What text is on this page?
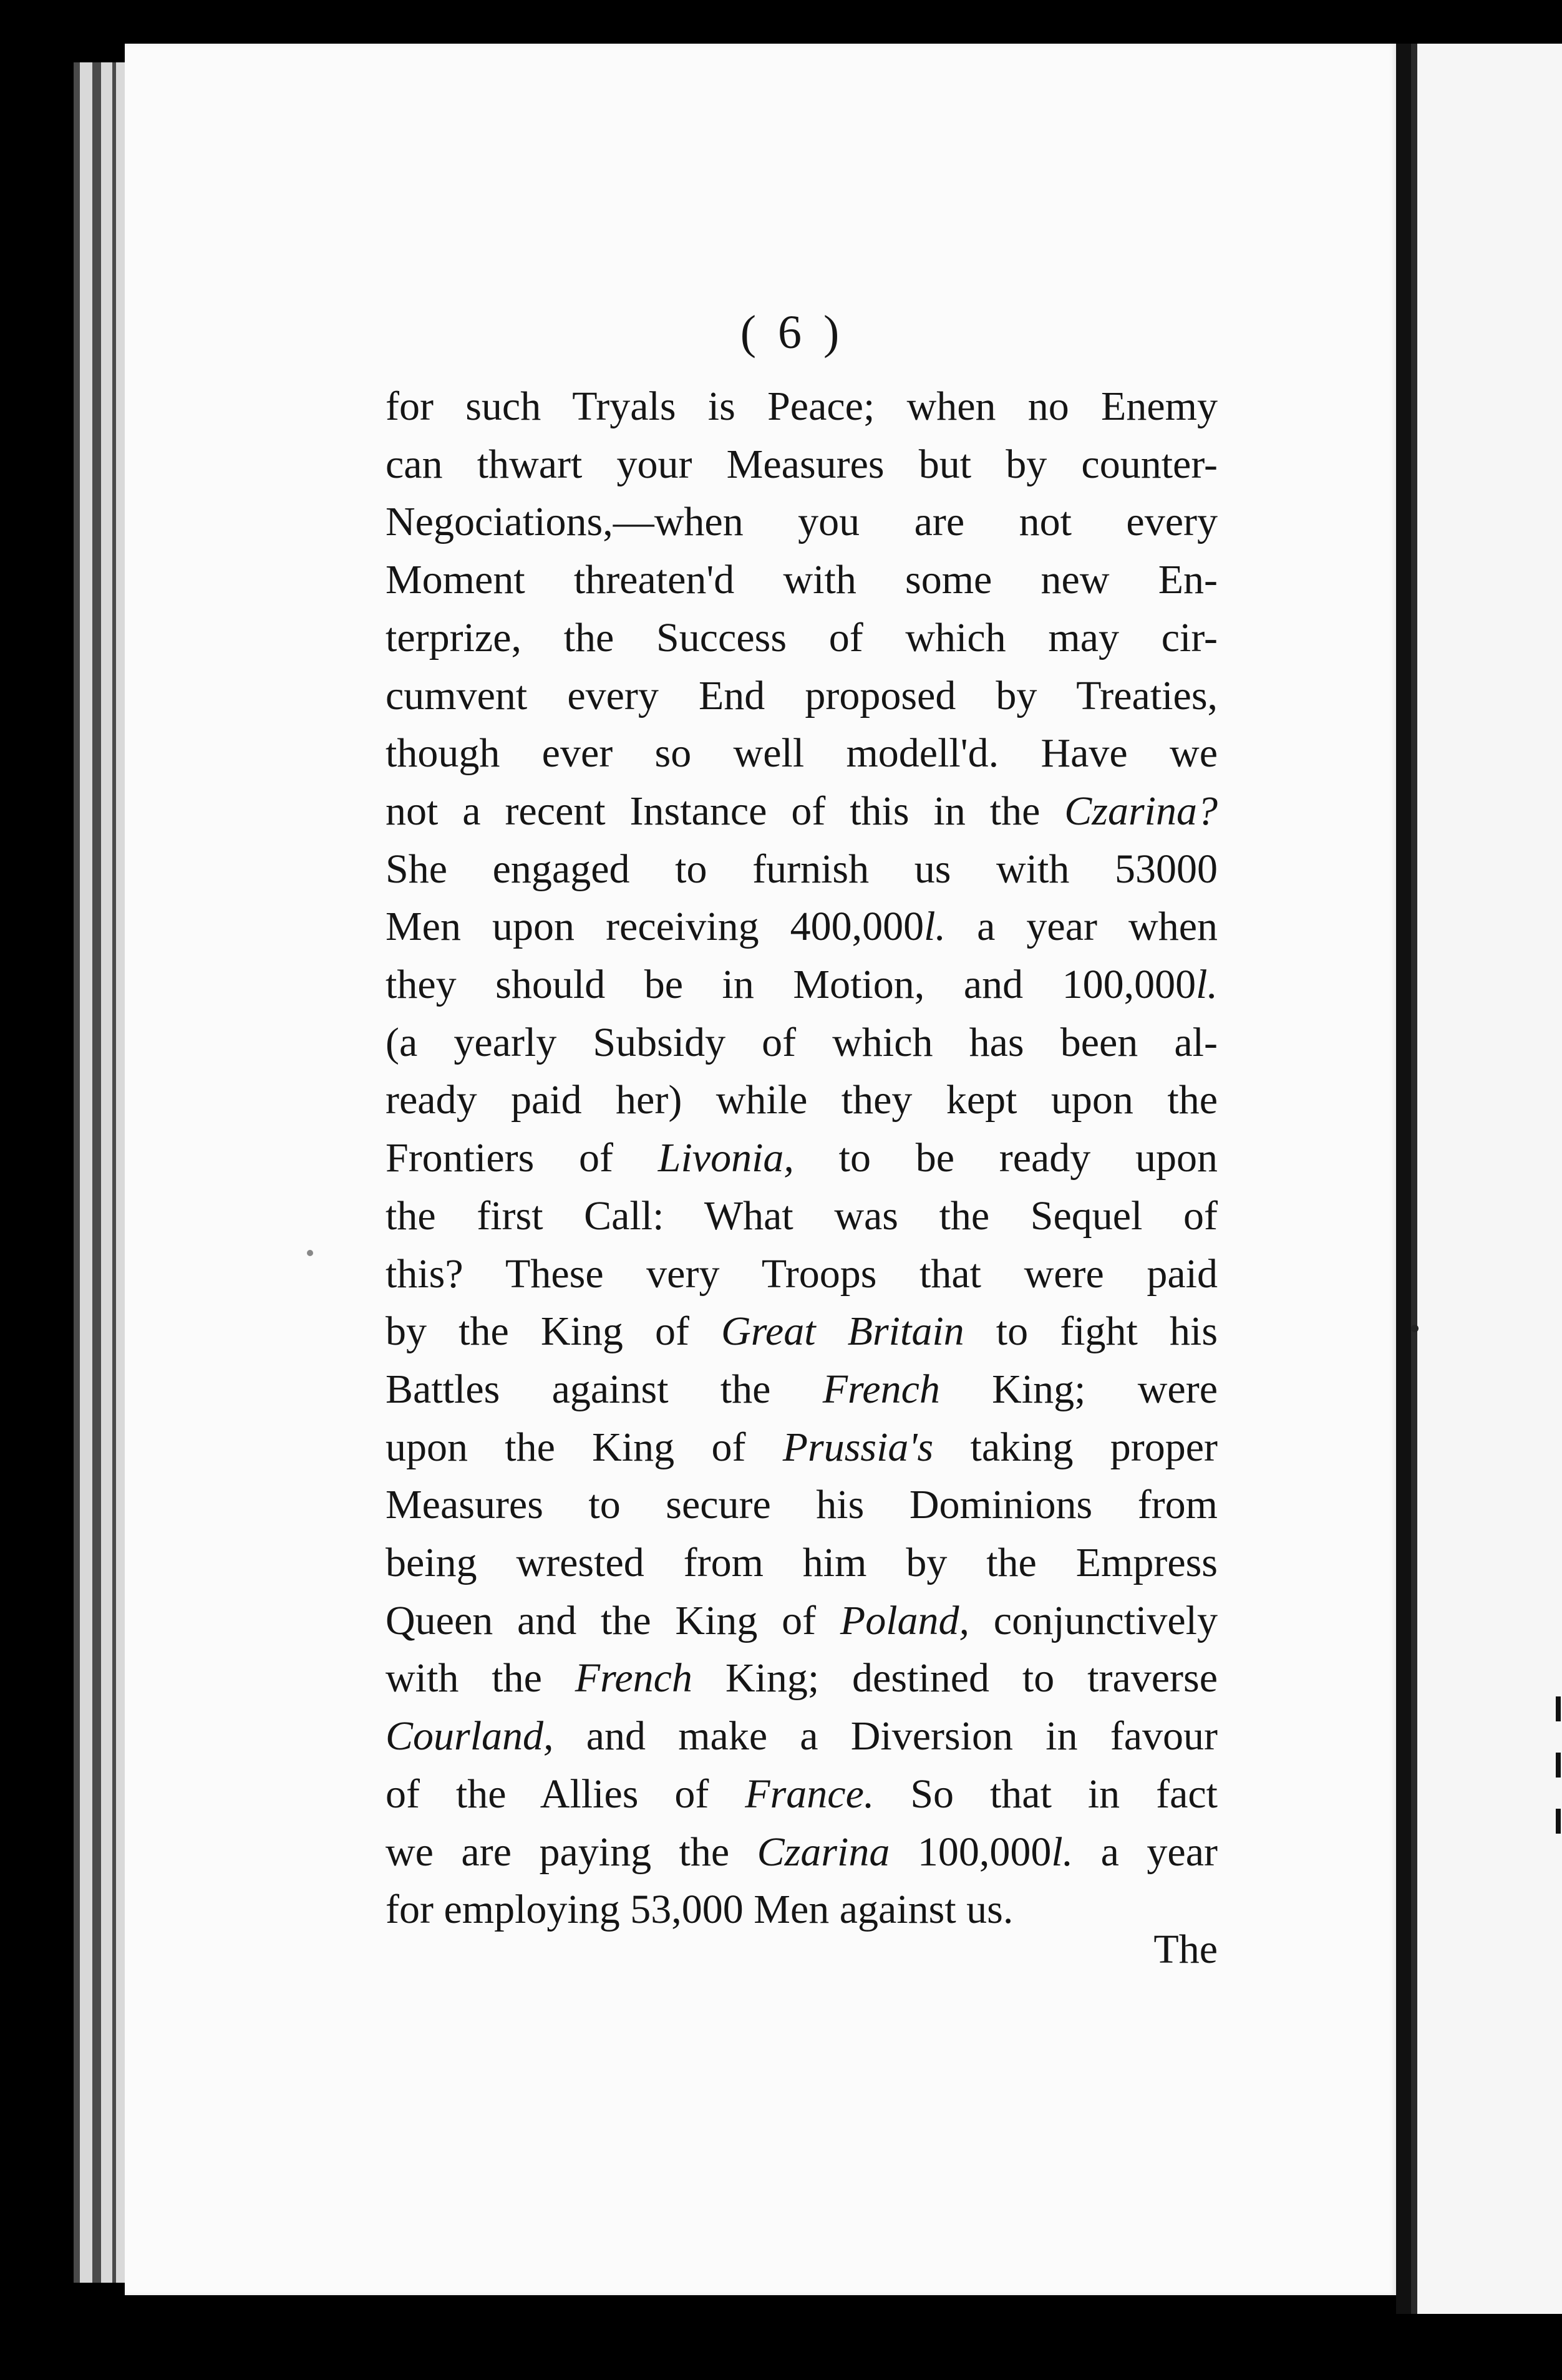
( 6 )
for such Tryals is Peace; when no Enemy
can thwart your Measures but by counter-
Negociations,—when you are not every
Moment threaten'd with some new En-
terprize, the Success of which may cir-
cumvent every End proposed by Treaties,
though ever so well modell'd. Have we
not a recent Instance of this in the Czarina?
She engaged to furnish us with 53000
Men upon receiving 400,000l. a year when
they should be in Motion, and 100,000l.
(a yearly Subsidy of which has been al-
ready paid her) while they kept upon the
Frontiers of Livonia, to be ready upon
the first Call: What was the Sequel of
this? These very Troops that were paid
by the King of Great Britain to fight his
Battles against the French King; were
upon the King of Prussia's taking proper
Measures to secure his Dominions from
being wrested from him by the Empress
Queen and the King of Poland, conjunctively
with the French King; destined to traverse
Courland, and make a Diversion in favour
of the Allies of France. So that in fact
we are paying the Czarina 100,000l. a year
for employing 53,000 Men against us.
The
